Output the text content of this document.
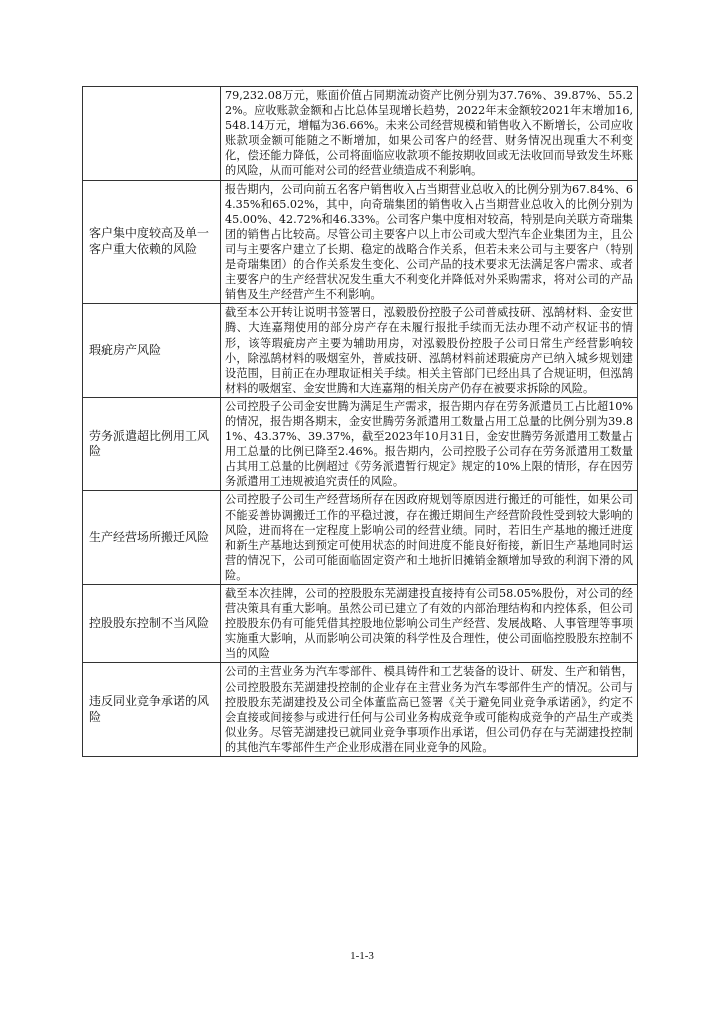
	79,232.08万元，账面价值占同期流动资产比例分别为37.76%、39.87%、55.22%。应收账款金额和占比总体呈现增长趋势，2022年末金额较2021年末增加16,548.14万元，增幅为36.66%。未来公司经营规模和销售收入不断增长，公司应收账款项金额可能随之不断增加，如果公司客户的经营、财务情况出现重大不利变化，偿还能力降低，公司将面临应收款项不能按期收回或无法收回而导致发生坏账的风险，从而可能对公司的经营业绩造成不利影响。
客户集中度较高及单一客户重大依赖的风险	报告期内，公司向前五名客户销售收入占当期营业总收入的比例分别为67.84%、64.35%和65.02%，其中，向奇瑞集团的销售收入占当期营业总收入的比例分别为45.00%、42.72%和46.33%。公司客户集中度相对较高，特别是向关联方奇瑞集团的销售占比较高。尽管公司主要客户以上市公司或大型汽车企业集团为主，且公司与主要客户建立了长期、稳定的战略合作关系，但若未来公司与主要客户（特别是奇瑞集团）的合作关系发生变化、公司产品的技术要求无法满足客户需求、或者主要客户的生产经营状况发生重大不利变化并降低对外采购需求，将对公司的产品销售及生产经营产生不利影响。
瑕疵房产风险	截至本公开转让说明书签署日，泓毅股份控股子公司普威技研、泓鹄材料、金安世腾、大连嘉翔使用的部分房产存在未履行报批手续而无法办理不动产权证书的情形，该等瑕疵房产主要为辅助用房，对泓毅股份控股子公司日常生产经营影响较小，除泓鹄材料的吸烟室外，普威技研、泓鹄材料前述瑕疵房产已纳入城乡规划建设范围，目前正在办理取证相关手续。相关主管部门已经出具了合规证明，但泓鹄材料的吸烟室、金安世腾和大连嘉翔的相关房产仍存在被要求拆除的风险。
劳务派遣超比例用工风险	公司控股子公司金安世腾为满足生产需求，报告期内存在劳务派遣员工占比超10%的情况，报告期各期末，金安世腾劳务派遣用工数量占用工总量的比例分别为39.81%、43.37%、39.37%，截至2023年10月31日，金安世腾劳务派遣用工数量占用工总量的比例已降至2.46%。报告期内，公司控股子公司存在劳务派遣用工数量占其用工总量的比例超过《劳务派遣暂行规定》规定的10%上限的情形，存在因劳务派遣用工违规被追究责任的风险。
生产经营场所搬迁风险	公司控股子公司生产经营场所存在因政府规划等原因进行搬迁的可能性，如果公司不能妥善协调搬迁工作的平稳过渡，存在搬迁期间生产经营阶段性受到较大影响的风险，进而将在一定程度上影响公司的经营业绩。同时，若旧生产基地的搬迁进度和新生产基地达到预定可使用状态的时间进度不能良好衔接，新旧生产基地同时运营的情况下，公司可能面临固定资产和土地折旧摊销金额增加导致的利润下滑的风险。
控股股东控制不当风险	截至本次挂牌，公司的控股股东芜湖建投直接持有公司58.05%股份，对公司的经营决策具有重大影响。虽然公司已建立了有效的内部治理结构和内控体系，但公司控股股东仍有可能凭借其控股地位影响公司生产经营、发展战略、人事管理等事项实施重大影响，从而影响公司决策的科学性及合理性，使公司面临控股股东控制不当的风险
违反同业竞争承诺的风险	公司的主营业务为汽车零部件、模具铸件和工艺装备的设计、研发、生产和销售，公司控股股东芜湖建投控制的企业存在主营业务为汽车零部件生产的情况。公司与控股股东芜湖建投及公司全体董监高已签署《关于避免同业竞争承诺函》，约定不会直接或间接参与或进行任何与公司业务构成竞争或可能构成竞争的产品生产或类似业务。尽管芜湖建投已就同业竞争事项作出承诺，但公司仍存在与芜湖建投控制的其他汽车零部件生产企业形成潜在同业竞争的风险。
1-1-3
